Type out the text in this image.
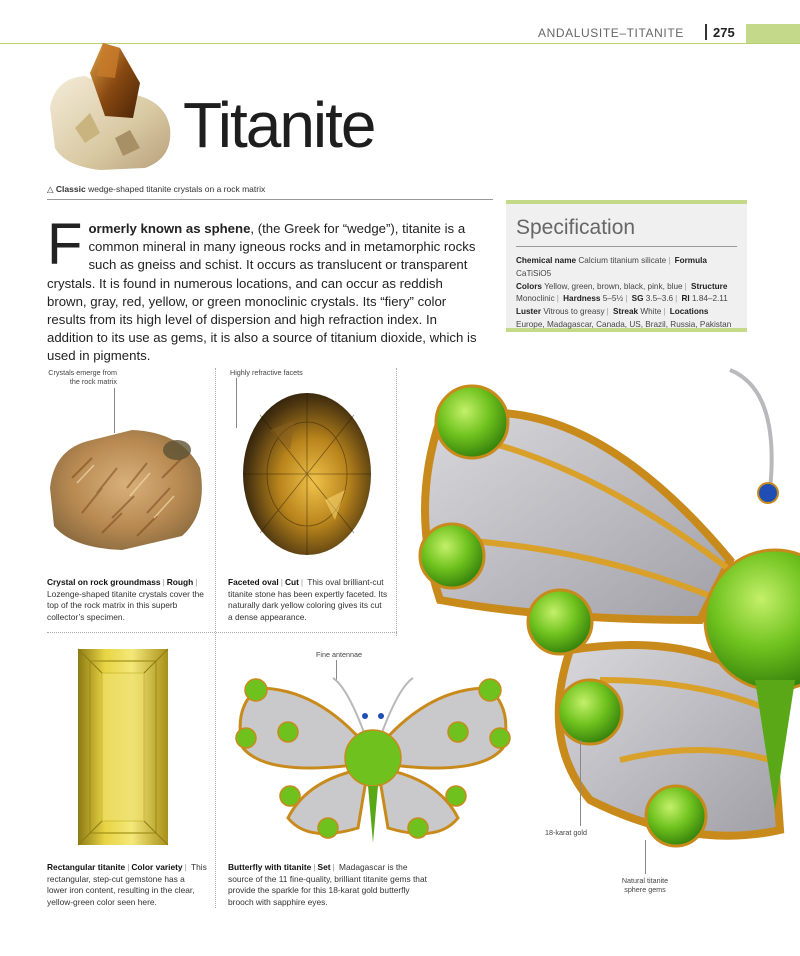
ANDALUSITE–TITANITE 275
Titanite
△ Classic wedge-shaped titanite crystals on a rock matrix
Formerly known as sphene, (the Greek for “wedge”), titanite is a common mineral in many igneous rocks and in metamorphic rocks such as gneiss and schist. It occurs as translucent or transparent crystals. It is found in numerous locations, and can occur as reddish brown, gray, red, yellow, or green monoclinic crystals. Its “fiery” color results from its high level of dispersion and high refraction index. In addition to its use as gems, it is also a source of titanium dioxide, which is used in pigments.
Specification
Chemical name Calcium titanium silicate | Formula CaTiSiO5
Colors Yellow, green, brown, black, pink, blue | Structure Monoclinic | Hardness 5–5½ | SG 3.5–3.6 | RI 1.84–2.11
Luster Vitrous to greasy | Streak White | Locations Europe, Madagascar, Canada, US, Brazil, Russia, Pakistan
Crystals emerge from the rock matrix
Crystal on rock groundmass | Rough | Lozenge-shaped titanite crystals cover the top of the rock matrix in this superb collector’s specimen.
Highly refractive facets
Faceted oval | Cut | This oval brilliant-cut titanite stone has been expertly faceted. Its naturally dark yellow coloring gives its cut a dense appearance.
Rectangular titanite | Color variety | This rectangular, step-cut gemstone has a lower iron content, resulting in the clear, yellow-green color seen here.
Fine antennae
Butterfly with titanite | Set | Madagascar is the source of the 11 fine-quality, brilliant titanite gems that provide the sparkle for this 18-karat gold butterfly brooch with sapphire eyes.
18-karat gold
Natural titanite sphere gems
